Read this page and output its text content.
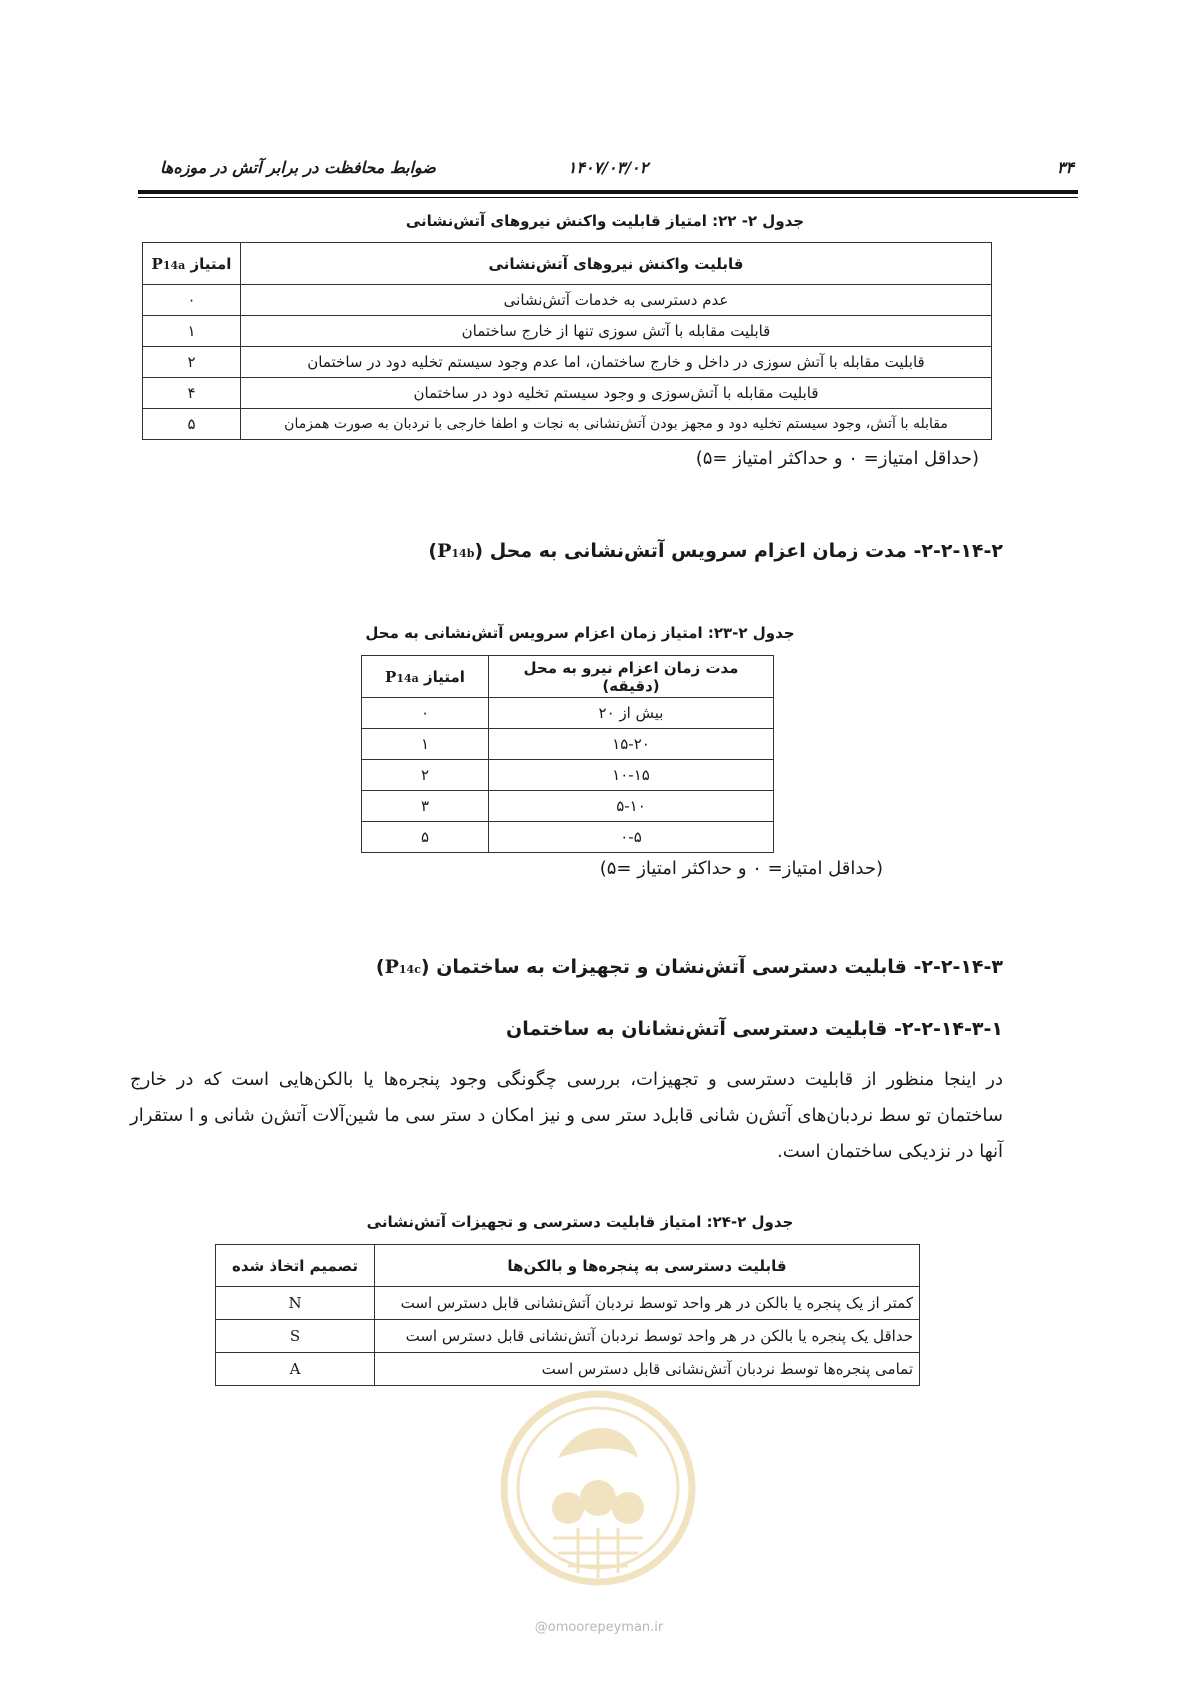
۳۴
۱۴۰۷/۰۳/۰۲
ضوابط محافظت در برابر آتش در موزه‌ها
جدول ۲- ۲۲: امتیاز قابلیت واکنش نیروهای آتش‌نشانی
قابلیت واکنش نیروهای آتش‌نشانی	امتیاز P14a
عدم دسترسی به خدمات آتش‌نشانی	۰
قابلیت مقابله با آتش سوزی تنها از خارج ساختمان	۱
قابلیت مقابله با آتش سوزی در داخل و خارج ساختمان، اما عدم وجود سیستم تخلیه دود در ساختمان	۲
قابلیت مقابله با آتش‌سوزی و وجود سیستم تخلیه دود در ساختمان	۴
مقابله با آتش، وجود سیستم تخلیه دود و مجهز بودن آتش‌نشانی به نجات و اطفا خارجی با نردبان به صورت همزمان	۵
(حداقل امتیاز= ۰ و حداکثر امتیاز =۵)
۲-۲-۱۴-۲- مدت زمان اعزام سرویس آتش‌نشانی به محل (P14b)
جدول ۲-۲۳: امتیاز زمان اعزام سرویس آتش‌نشانی به محل
مدت زمان اعزام نیرو به محل (دقیقه)	امتیاز P14a
بیش از ۲۰	۰
۱۵-۲۰	۱
۱۰-۱۵	۲
۵-۱۰	۳
۰-۵	۵
(حداقل امتیاز= ۰ و حداکثر امتیاز =۵)
۲-۲-۱۴-۳- قابلیت دسترسی آتش‌نشان و تجهیزات به ساختمان (P14c)
۲-۲-۱۴-۳-۱- قابلیت دسترسی آتش‌نشانان به ساختمان
در اینجا منظور از قابلیت دسترسی و تجهیزات، بررسی چگونگی وجود پنجره‌ها یا بالکن‌هایی است که در خارج ساختمان تو سط نردبان‌های آتش‌ن شانی قابل‌د ستر سی و نیز امکان د ستر سی ما شین‌آلات آتش‌ن شانی و ا ستقرار آنها در نزدیکی ساختمان است.
جدول ۲-۲۴: امتیاز قابلیت دسترسی و تجهیزات آتش‌نشانی
قابلیت دسترسی به پنجره‌ها و بالکن‌ها	تصمیم اتخاذ شده
کمتر از یک پنجره یا بالکن در هر واحد توسط نردبان آتش‌نشانی قابل دسترس است	N
حداقل یک پنجره یا بالکن در هر واحد توسط نردبان آتش‌نشانی قابل دسترس است	S
تمامی پنجره‌ها توسط نردبان آتش‌نشانی قابل دسترس است	A
@omoorepeyman.ir
